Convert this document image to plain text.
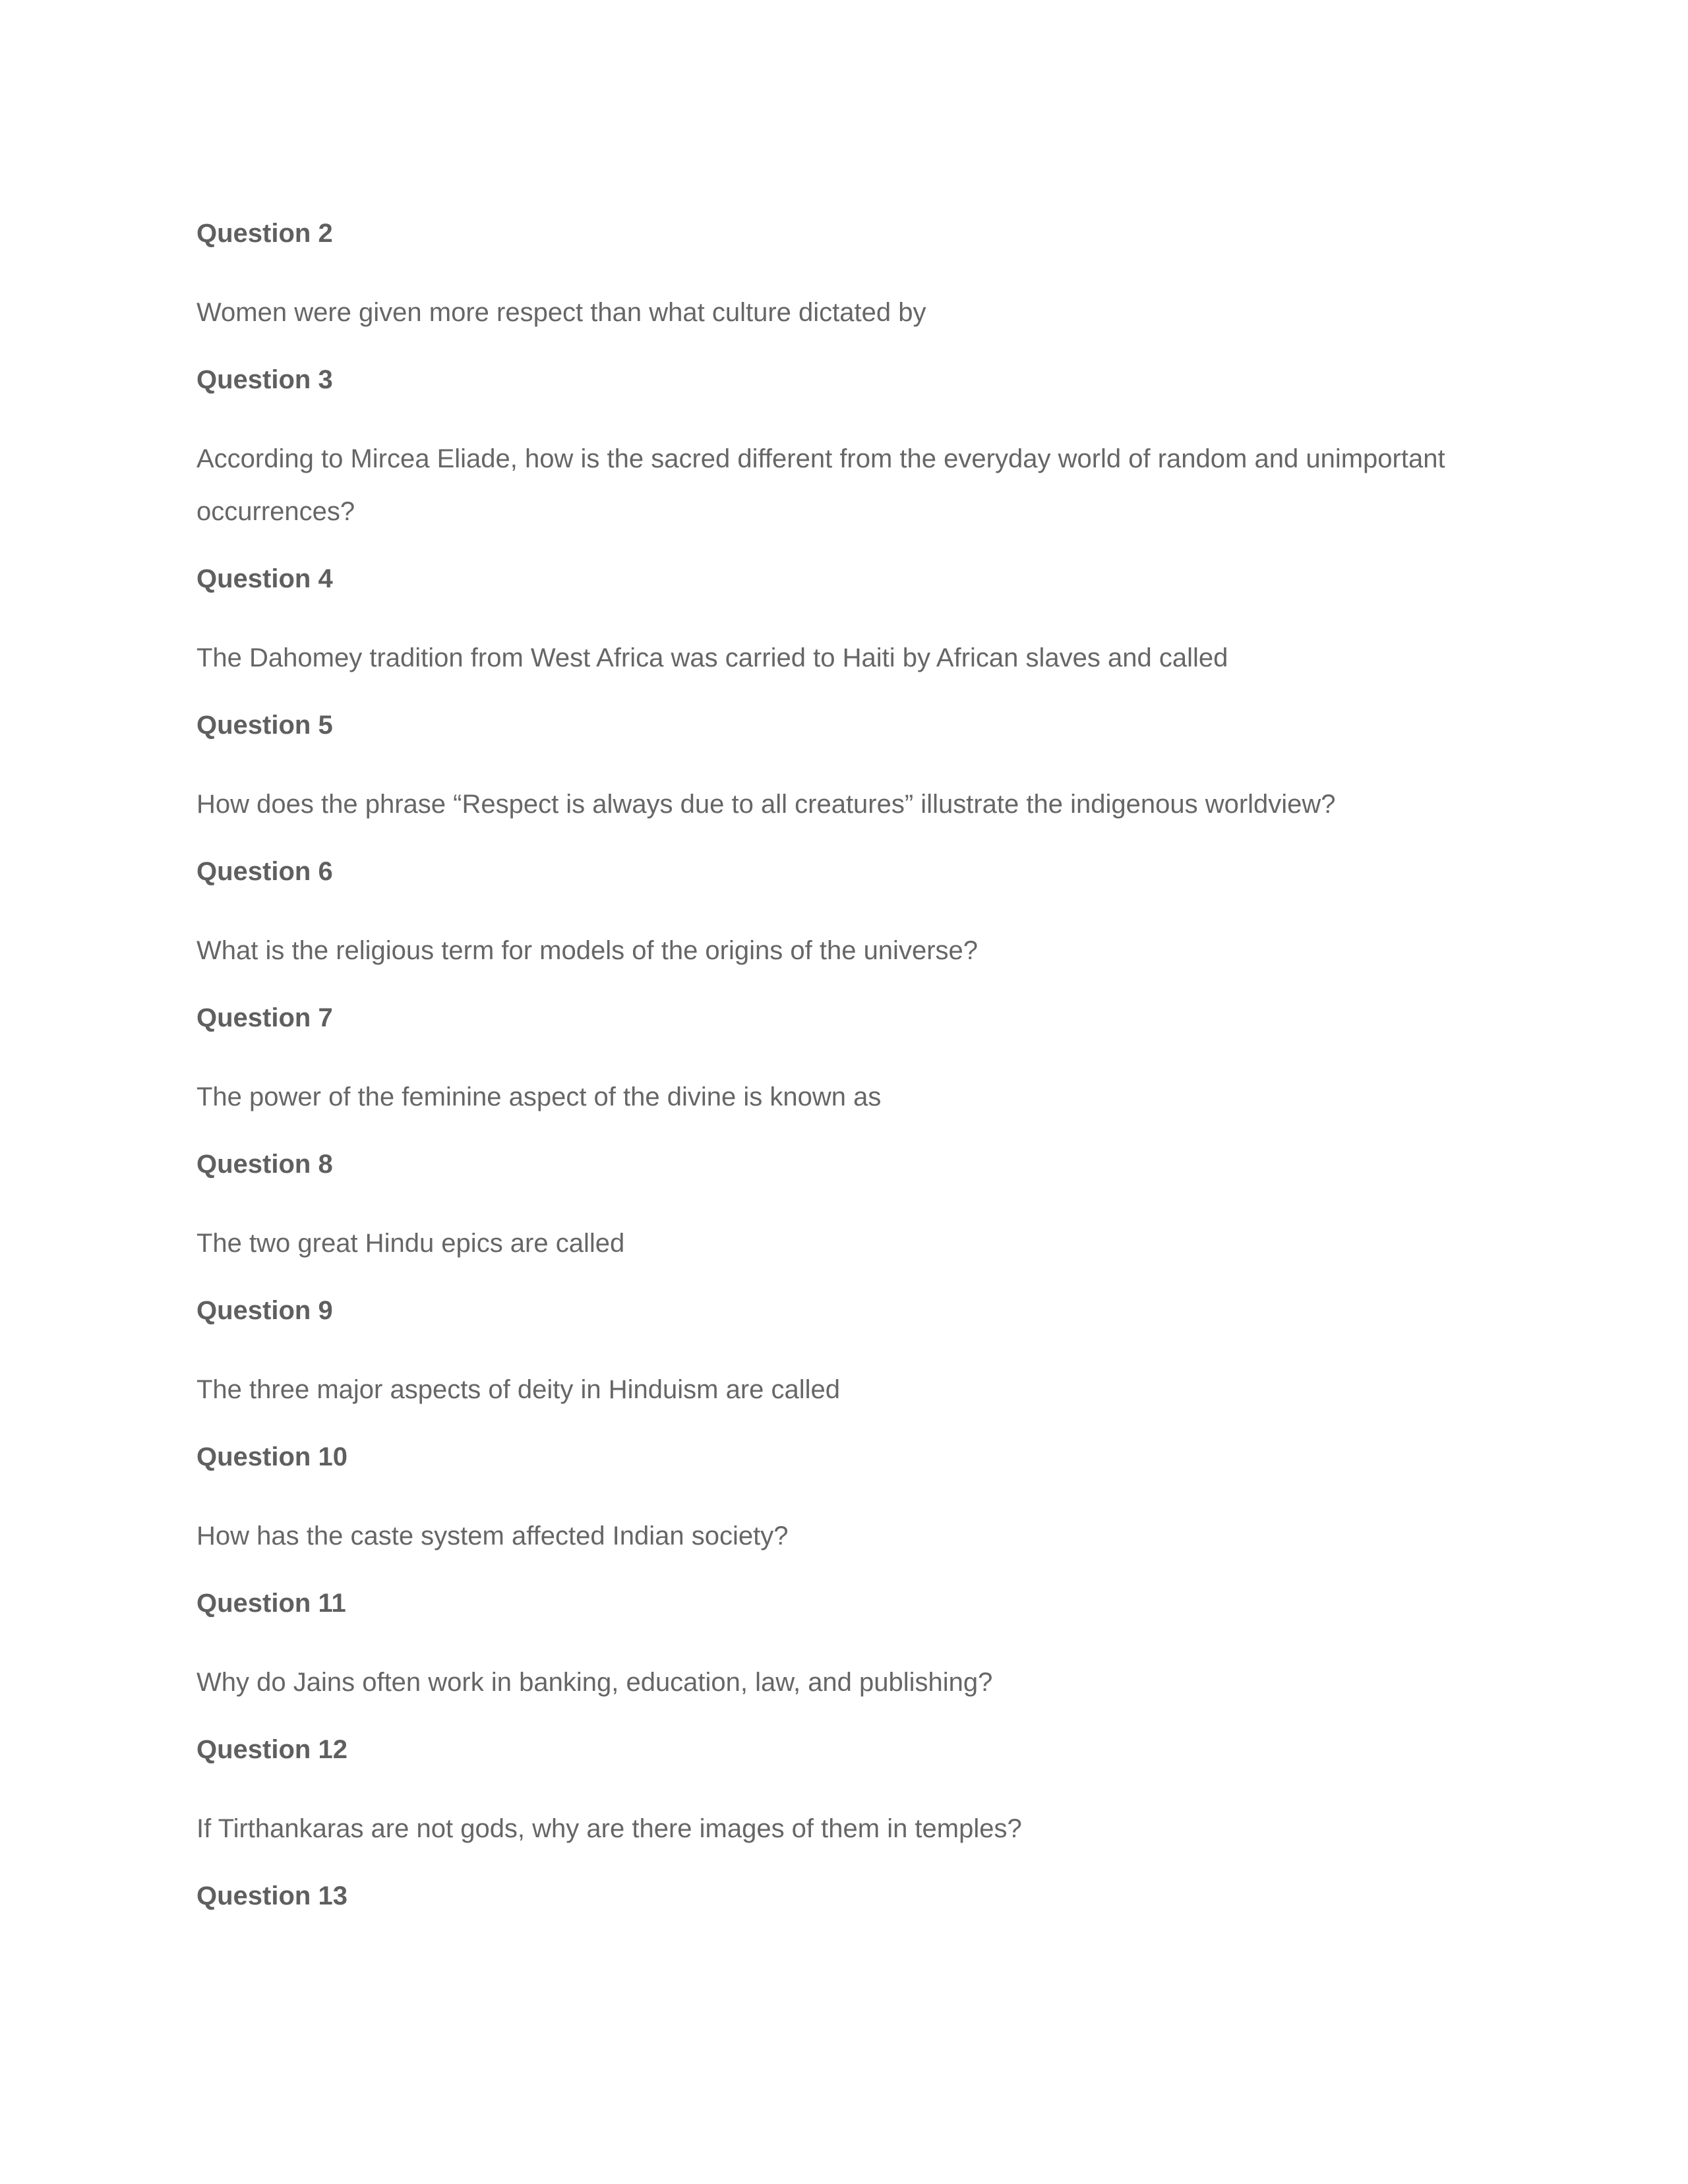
Question 2

Women were given more respect than what culture dictated by

Question 3

According to Mircea Eliade, how is the sacred different from the everyday world of random and unimportant occurrences?

Question 4

The Dahomey tradition from West Africa was carried to Haiti by African slaves and called

Question 5

How does the phrase “Respect is always due to all creatures” illustrate the indigenous worldview?

Question 6

What is the religious term for models of the origins of the universe?

Question 7

The power of the feminine aspect of the divine is known as

Question 8

The two great Hindu epics are called

Question 9

The three major aspects of deity in Hinduism are called

Question 10

How has the caste system affected Indian society?

Question 11

Why do Jains often work in banking, education, law, and publishing?

Question 12

If Tirthankaras are not gods, why are there images of them in temples?

Question 13
